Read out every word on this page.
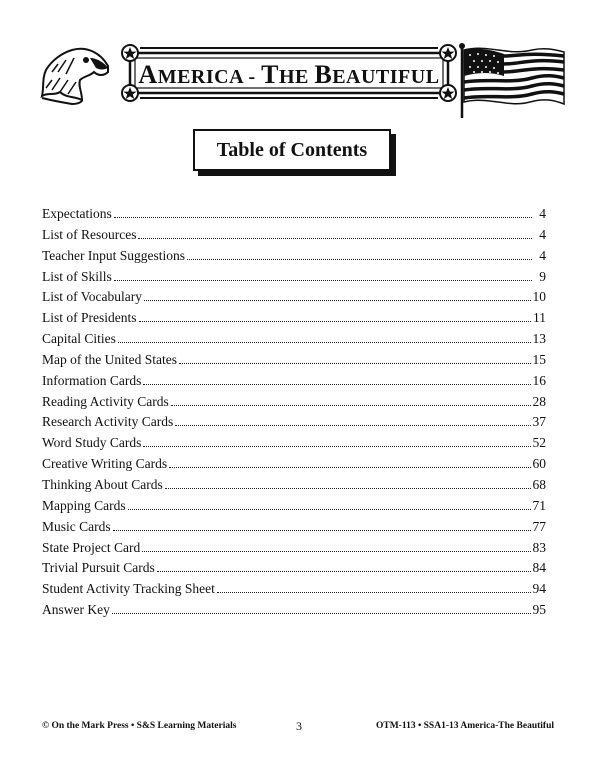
AMERICA - THE BEAUTIFUL
Table of Contents
Expectations	4
List of Resources	4
Teacher Input Suggestions	4
List of Skills	9
List of Vocabulary	10
List of Presidents	11
Capital Cities	13
Map of the United States	15
Information Cards	16
Reading Activity Cards	28
Research Activity Cards	37
Word Study Cards	52
Creative Writing Cards	60
Thinking About Cards	68
Mapping Cards	71
Music Cards	77
State Project Card	83
Trivial Pursuit Cards	84
Student Activity Tracking Sheet	94
Answer Key	95
© On the Mark Press • S&S Learning Materials	3	OTM-113 • SSA1-13 America-The Beautiful
